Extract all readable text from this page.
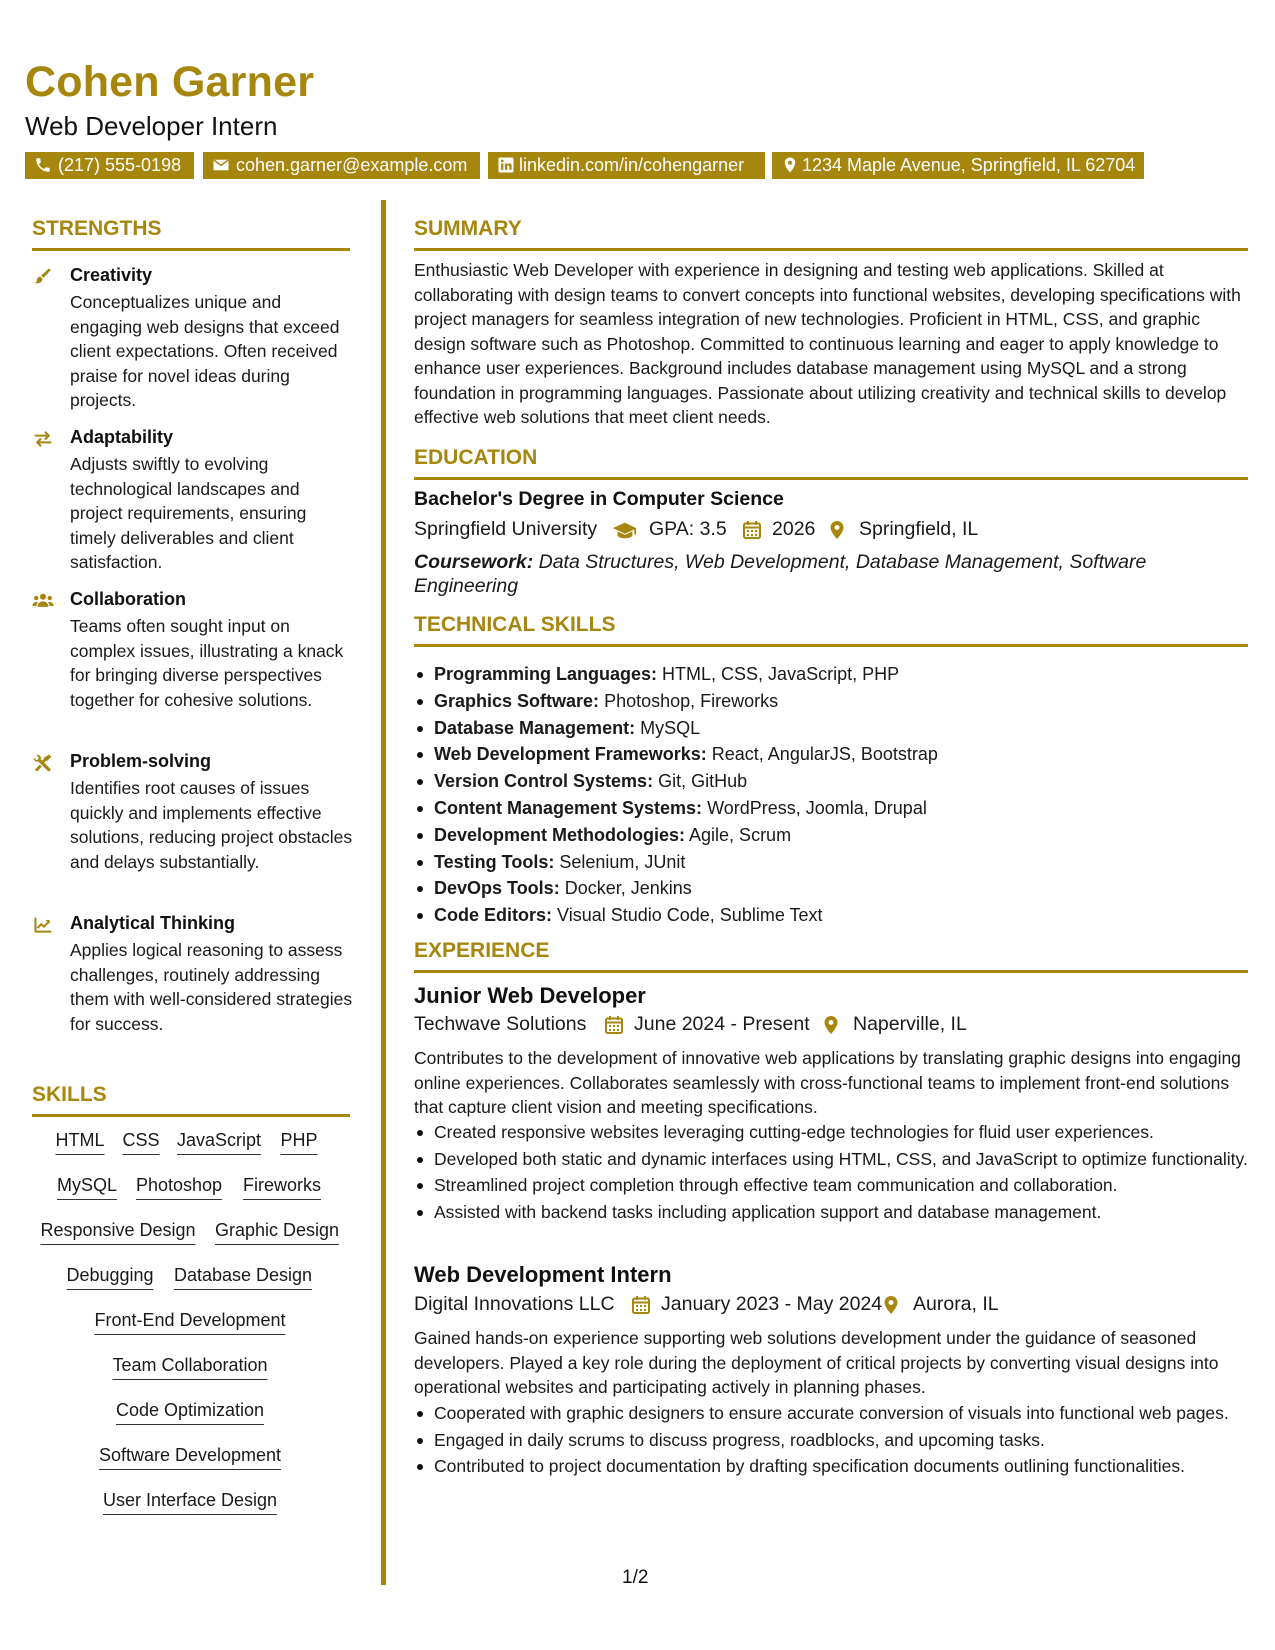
Cohen Garner
Web Developer Intern
(217) 555-0198	cohen.garner@example.com	linkedin.com/in/cohengarner	1234 Maple Avenue, Springfield, IL 62704
STRENGTHS
Creativity

Conceptualizes unique and engaging web designs that exceed client expectations. Often received praise for novel ideas during projects.

Adaptability

Adjusts swiftly to evolving technological landscapes and project requirements, ensuring timely deliverables and client satisfaction.

Collaboration

Teams often sought input on complex issues, illustrating a knack for bringing diverse perspectives together for cohesive solutions.

Problem-solving

Identifies root causes of issues quickly and implements effective solutions, reducing project obstacles and delays substantially.

Analytical Thinking

Applies logical reasoning to assess challenges, routinely addressing them with well-considered strategies for success.

SKILLS
HTML CSS JavaScript PHP
MySQL Photoshop Fireworks
Responsive Design Graphic Design
Debugging Database Design
Front-End Development
Team Collaboration
Code Optimization
Software Development
User Interface Design
SUMMARY

Enthusiastic Web Developer with experience in designing and testing web applications. Skilled at collaborating with design teams to convert concepts into functional websites, developing specifications with project managers for seamless integration of new technologies. Proficient in HTML, CSS, and graphic design software such as Photoshop. Committed to continuous learning and eager to apply knowledge to enhance user experiences. Background includes database management using MySQL and a strong foundation in programming languages. Passionate about utilizing creativity and technical skills to develop effective web solutions that meet client needs.

EDUCATION
Bachelor's Degree in Computer Science
Springfield University	GPA: 3.5 2026 Springfield, IL

Coursework: Data Structures, Web Development, Database Management, Software Engineering

TECHNICAL SKILLS
Programming Languages: HTML, CSS, JavaScript, PHP
Graphics Software: Photoshop, Fireworks
Database Management: MySQL
Web Development Frameworks: React, AngularJS, Bootstrap
Version Control Systems: Git, GitHub
Content Management Systems: WordPress, Joomla, Drupal
Development Methodologies: Agile, Scrum
Testing Tools: Selenium, JUnit
DevOps Tools: Docker, Jenkins
Code Editors: Visual Studio Code, Sublime Text
EXPERIENCE
Junior Web Developer
Techwave Solutions June 2024 - Present Naperville, IL

Contributes to the development of innovative web applications by translating graphic designs into engaging online experiences. Collaborates seamlessly with cross-functional teams to implement front-end solutions that capture client vision and meeting specifications.

Created responsive websites leveraging cutting-edge technologies for fluid user experiences.
Developed both static and dynamic interfaces using HTML, CSS, and JavaScript to optimize functionality.
Streamlined project completion through effective team communication and collaboration.
Assisted with backend tasks including application support and database management.
Web Development Intern
Digital Innovations LLC January 2023 - May 2024 Aurora, IL

Gained hands-on experience supporting web solutions development under the guidance of seasoned developers. Played a key role during the deployment of critical projects by converting visual designs into operational websites and participating actively in planning phases.

Cooperated with graphic designers to ensure accurate conversion of visuals into functional web pages.
Engaged in daily scrums to discuss progress, roadblocks, and upcoming tasks.
Contributed to project documentation by drafting specification documents outlining functionalities.
1/2
